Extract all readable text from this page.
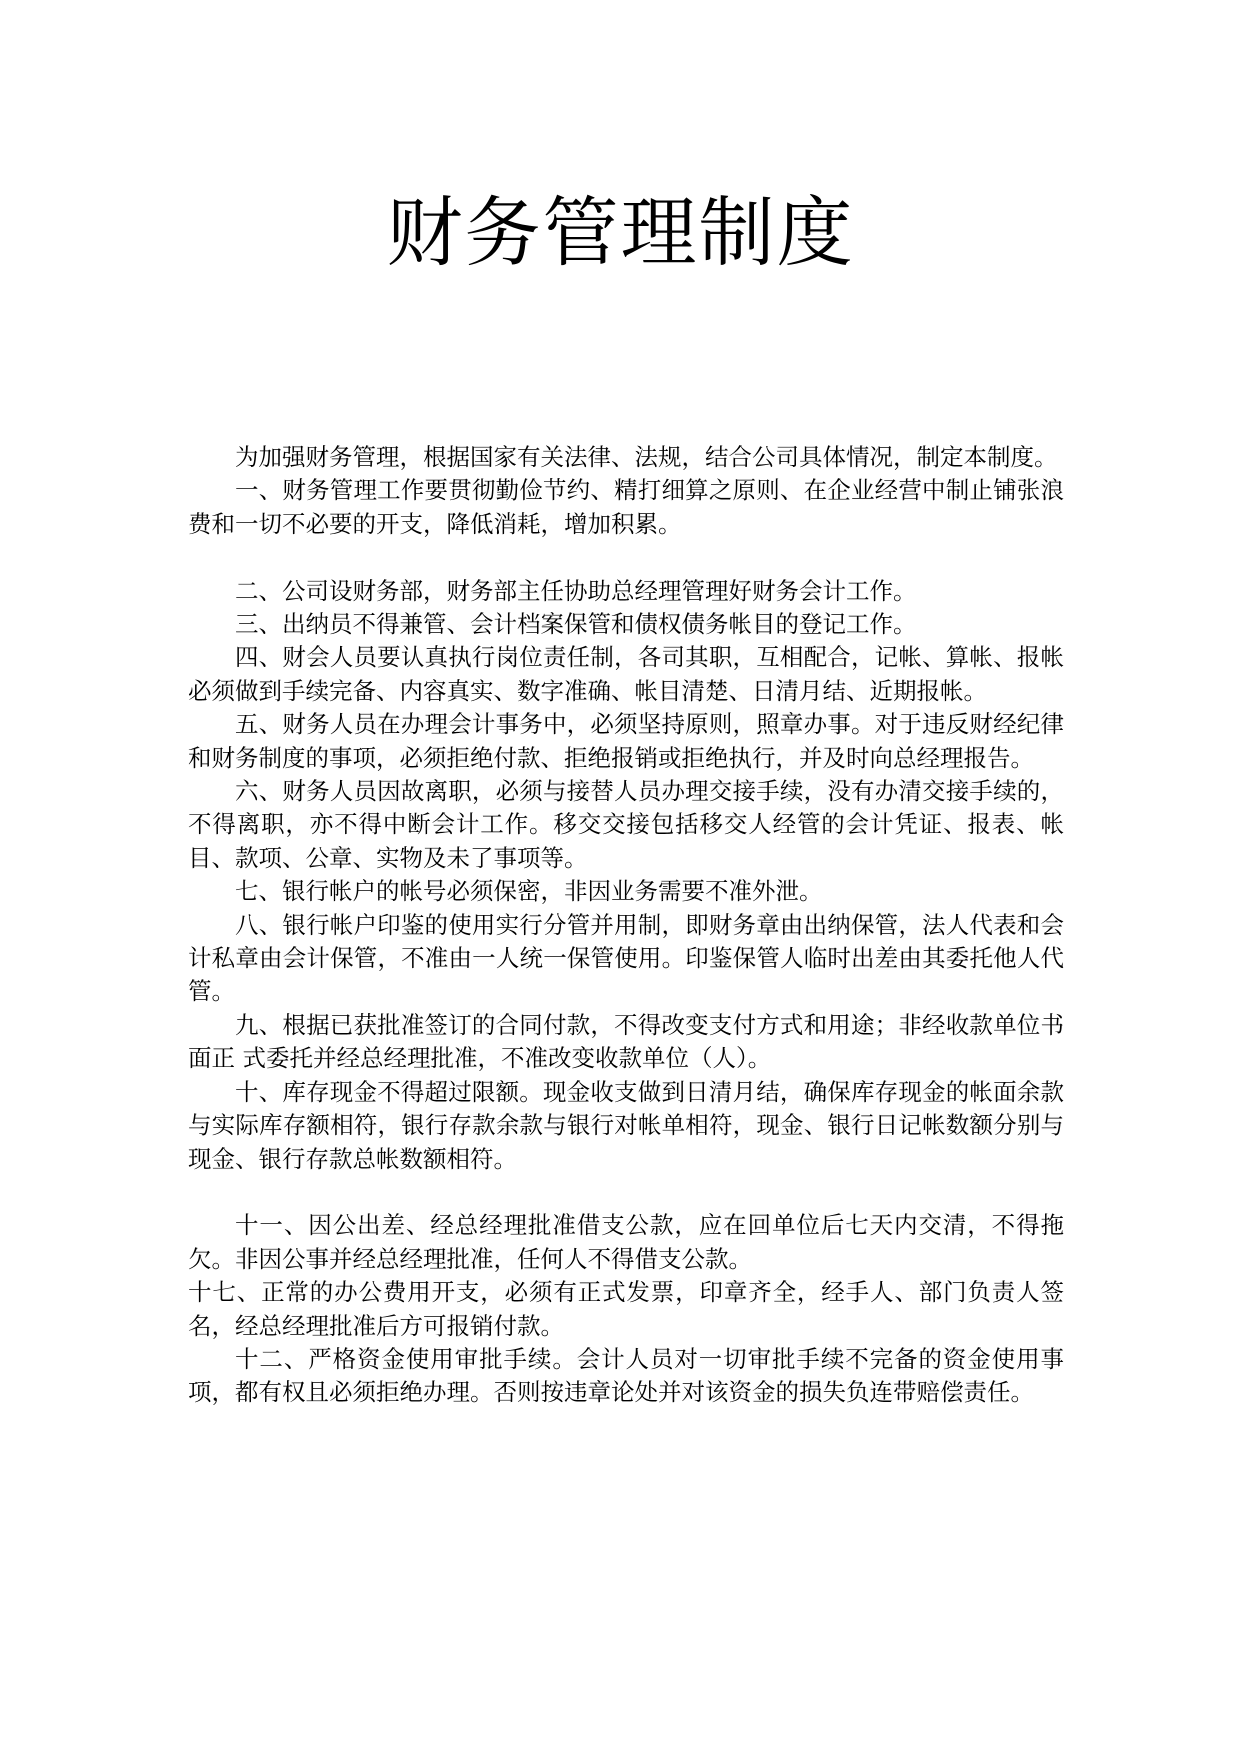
财务管理制度

为加强财务管理，根据国家有关法律、法规，结合公司具体情况，制定本制度。

一、财务管理工作要贯彻勤俭节约、精打细算之原则、在企业经营中制止铺张浪费和一切不必要的开支，降低消耗，增加积累。

二、公司设财务部，财务部主任协助总经理管理好财务会计工作。

三、出纳员不得兼管、会计档案保管和债权债务帐目的登记工作。

四、财会人员要认真执行岗位责任制，各司其职，互相配合，记帐、算帐、报帐必须做到手续完备、内容真实、数字准确、帐目清楚、日清月结、近期报帐。

五、财务人员在办理会计事务中，必须坚持原则，照章办事。对于违反财经纪律和财务制度的事项，必须拒绝付款、拒绝报销或拒绝执行，并及时向总经理报告。

六、财务人员因故离职，必须与接替人员办理交接手续，没有办清交接手续的，不得离职，亦不得中断会计工作。移交交接包括移交人经管的会计凭证、报表、帐目、款项、公章、实物及未了事项等。

七、银行帐户的帐号必须保密，非因业务需要不准外泄。

八、银行帐户印鉴的使用实行分管并用制，即财务章由出纳保管，法人代表和会计私章由会计保管，不准由一人统一保管使用。印鉴保管人临时出差由其委托他人代管。

九、根据已获批准签订的合同付款，不得改变支付方式和用途；非经收款单位书面正 式委托并经总经理批准，不准改变收款单位（人）。

十、库存现金不得超过限额。现金收支做到日清月结，确保库存现金的帐面余款与实际库存额相符，银行存款余款与银行对帐单相符，现金、银行日记帐数额分别与现金、银行存款总帐数额相符。

十一、因公出差、经总经理批准借支公款，应在回单位后七天内交清，不得拖欠。非因公事并经总经理批准，任何人不得借支公款。

十七、正常的办公费用开支，必须有正式发票，印章齐全，经手人、部门负责人签名，经总经理批准后方可报销付款。

十二、严格资金使用审批手续。会计人员对一切审批手续不完备的资金使用事项，都有权且必须拒绝办理。否则按违章论处并对该资金的损失负连带赔偿责任。
